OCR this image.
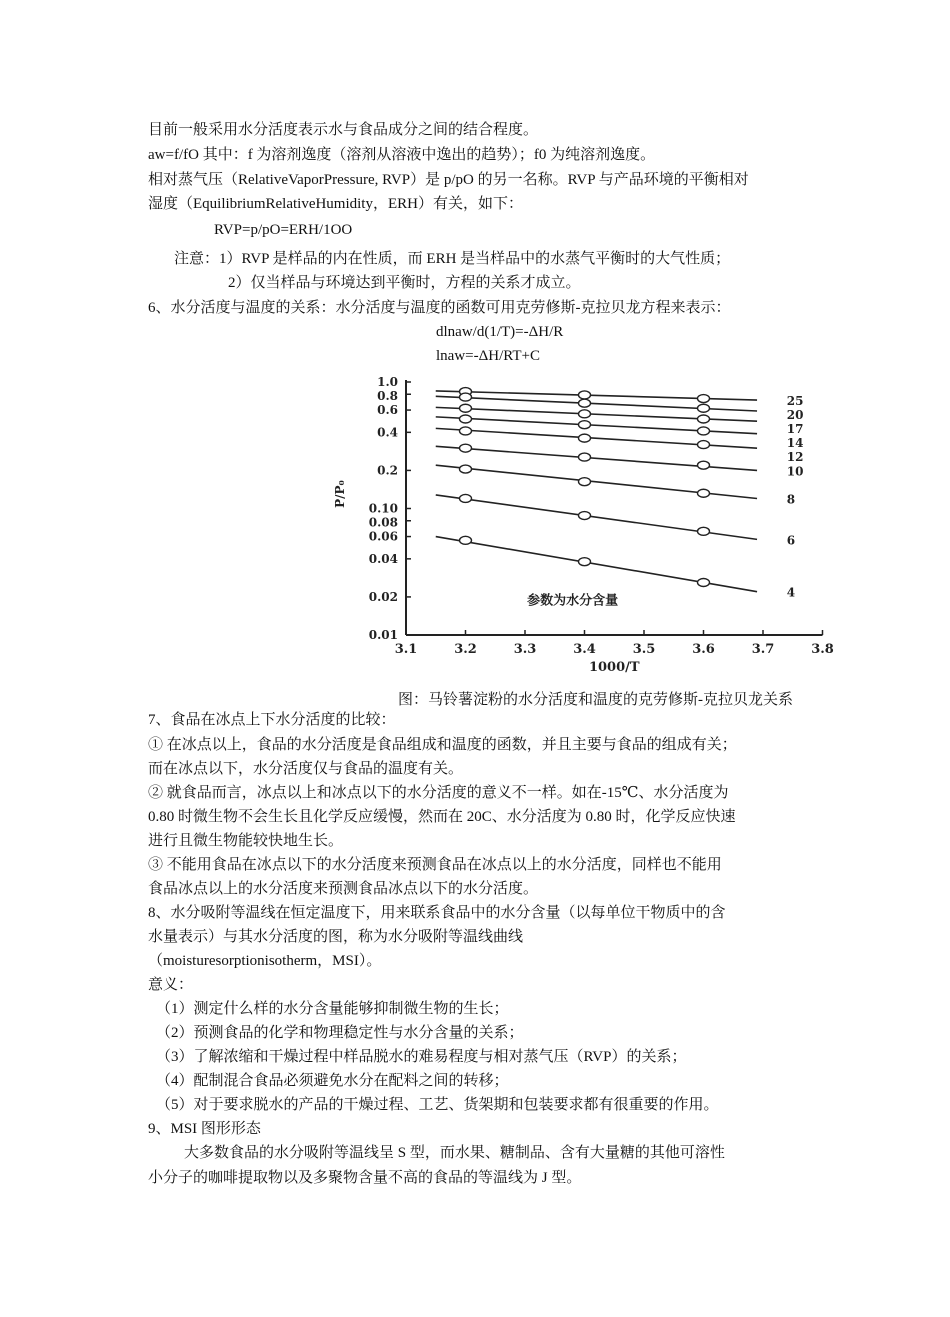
目前一般采用水分活度表示水与食品成分之间的结合程度。
aw=f/fO 其中：f 为溶剂逸度（溶剂从溶液中逸出的趋势）；f0 为纯溶剂逸度。
相对蒸气压（RelativeVaporPressure, RVP）是 p/pO 的另一名称。RVP 与产品环境的平衡相对
湿度（EquilibriumRelativeHumidity，ERH）有关，如下：
RVP=p/pO=ERH/1OO
注意：1）RVP 是样品的内在性质，而 ERH 是当样品中的水蒸气平衡时的大气性质；
2）仅当样品与环境达到平衡时，方程的关系才成立。
6、水分活度与温度的关系：水分活度与温度的函数可用克劳修斯-克拉贝龙方程来表示：
dlnaw/d(1/T)=-ΔH/R
lnaw=-ΔH/RT+C
3.1	3.2	3.3	3.4	3.5	3.6	3.7	3.8
1.0
0.8
0.6
0.4
0.2
0.10
0.08
0.06
0.04
0.02
0.01
1000/T
P/P₀
参数为水分含量
25
20
17
14
12
10
8
6
4
图：马铃薯淀粉的水分活度和温度的克劳修斯-克拉贝龙关系
7、食品在冰点上下水分活度的比较：
① 在冰点以上，食品的水分活度是食品组成和温度的函数，并且主要与食品的组成有关；
而在冰点以下，水分活度仅与食品的温度有关。
② 就食品而言，冰点以上和冰点以下的水分活度的意义不一样。如在-15℃、水分活度为
0.80 时微生物不会生长且化学反应缓慢，然而在 20C、水分活度为 0.80 时，化学反应快速
进行且微生物能较快地生长。
③ 不能用食品在冰点以下的水分活度来预测食品在冰点以上的水分活度，同样也不能用
食品冰点以上的水分活度来预测食品冰点以下的水分活度。
8、水分吸附等温线在恒定温度下，用来联系食品中的水分含量（以每单位干物质中的含
水量表示）与其水分活度的图，称为水分吸附等温线曲线
（moisturesorptionisotherm，MSI）。
意义：
（1）测定什么样的水分含量能够抑制微生物的生长；
（2）预测食品的化学和物理稳定性与水分含量的关系；
（3）了解浓缩和干燥过程中样品脱水的难易程度与相对蒸气压（RVP）的关系；
（4）配制混合食品必须避免水分在配料之间的转移；
（5）对于要求脱水的产品的干燥过程、工艺、货架期和包装要求都有很重要的作用。
9、MSI 图形形态
大多数食品的水分吸附等温线呈 S 型，而水果、糖制品、含有大量糖的其他可溶性
小分子的咖啡提取物以及多聚物含量不高的食品的等温线为 J 型。
